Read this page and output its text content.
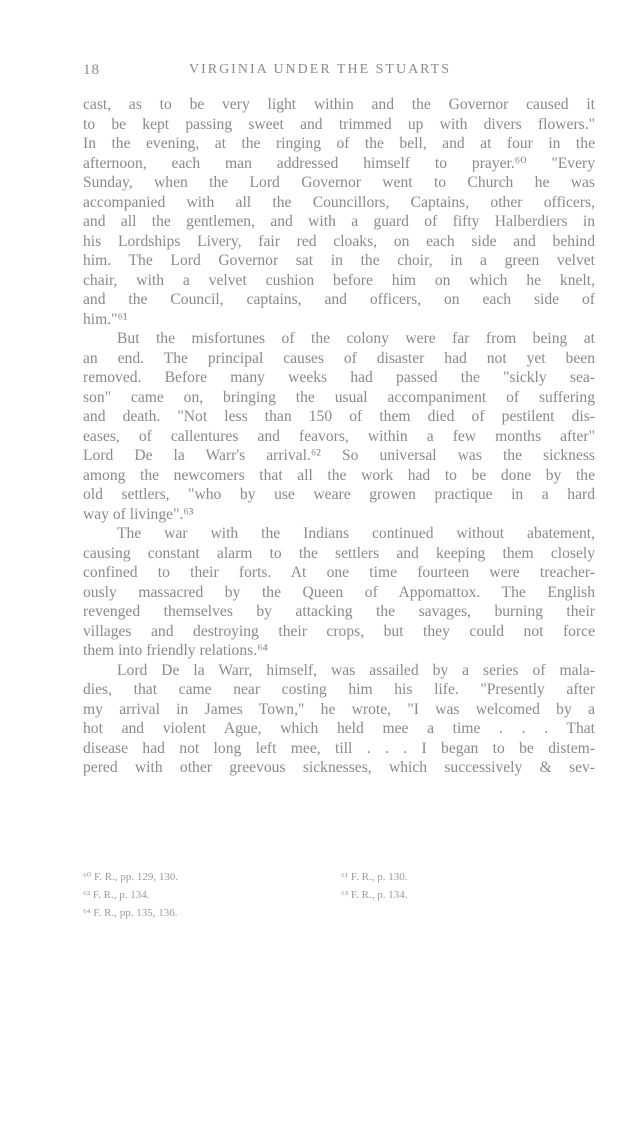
18	VIRGINIA UNDER THE STUARTS
cast, as to be very light within and the Governor caused it
to be kept passing sweet and trimmed up with divers flowers."
In the evening, at the ringing of the bell, and at four in the
afternoon, each man addressed himself to prayer.⁶⁰ "Every
Sunday, when the Lord Governor went to Church he was
accompanied with all the Councillors, Captains, other officers,
and all the gentlemen, and with a guard of fifty Halberdiers in
his Lordships Livery, fair red cloaks, on each side and behind
him. The Lord Governor sat in the choir, in a green velvet
chair, with a velvet cushion before him on which he knelt,
and the Council, captains, and officers, on each side of
him."⁶¹
But the misfortunes of the colony were far from being at
an end. The principal causes of disaster had not yet been
removed. Before many weeks had passed the "sickly sea-
son" came on, bringing the usual accompaniment of suffering
and death. "Not less than 150 of them died of pestilent dis-
eases, of callentures and feavors, within a few months after"
Lord De la Warr's arrival.⁶² So universal was the sickness
among the newcomers that all the work had to be done by the
old settlers, "who by use weare growen practique in a hard
way of livinge".⁶³
The war with the Indians continued without abatement,
causing constant alarm to the settlers and keeping them closely
confined to their forts. At one time fourteen were treacher-
ously massacred by the Queen of Appomattox. The English
revenged themselves by attacking the savages, burning their
villages and destroying their crops, but they could not force
them into friendly relations.⁶⁴
Lord De la Warr, himself, was assailed by a series of mala-
dies, that came near costing him his life. "Presently after
my arrival in James Town," he wrote, "I was welcomed by a
hot and violent Ague, which held mee a time . . . That
disease had not long left mee, till . . . I began to be distem-
pered with other greevous sicknesses, which successively & sev-
⁶⁰ F. R., pp. 129, 130.
⁶² F. R., p. 134.
⁶⁴ F. R., pp. 135, 136.
⁶¹ F. R., p. 130.
⁶³ F. R., p. 134.
